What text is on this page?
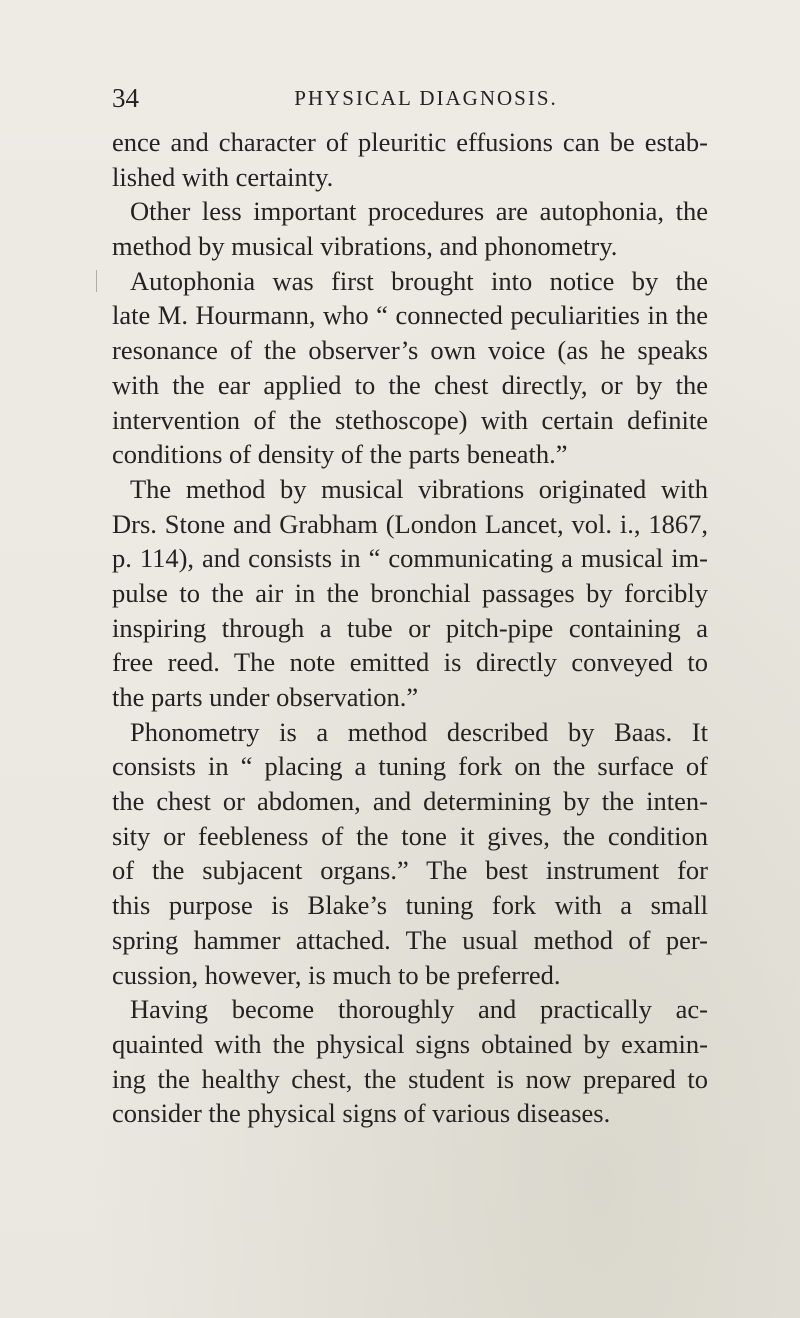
34	PHYSICAL DIAGNOSIS.
ence and character of pleuritic effusions can be estab-
lished with certainty.
Other less important procedures are autophonia, the
method by musical vibrations, and phonometry.
Autophonia was first brought into notice by the
late M. Hourmann, who “ connected peculiarities in the
resonance of the observer’s own voice (as he speaks
with the ear applied to the chest directly, or by the
intervention of the stethoscope) with certain definite
conditions of density of the parts beneath.”
The method by musical vibrations originated with
Drs. Stone and Grabham (London Lancet, vol. i., 1867,
p. 114), and consists in “ communicating a musical im-
pulse to the air in the bronchial passages by forcibly
inspiring through a tube or pitch-pipe containing a
free reed. The note emitted is directly conveyed to
the parts under observation.”
Phonometry is a method described by Baas. It
consists in “ placing a tuning fork on the surface of
the chest or abdomen, and determining by the inten-
sity or feebleness of the tone it gives, the condition
of the subjacent organs.” The best instrument for
this purpose is Blake’s tuning fork with a small
spring hammer attached. The usual method of per-
cussion, however, is much to be preferred.
Having become thoroughly and practically ac-
quainted with the physical signs obtained by examin-
ing the healthy chest, the student is now prepared to
consider the physical signs of various diseases.
